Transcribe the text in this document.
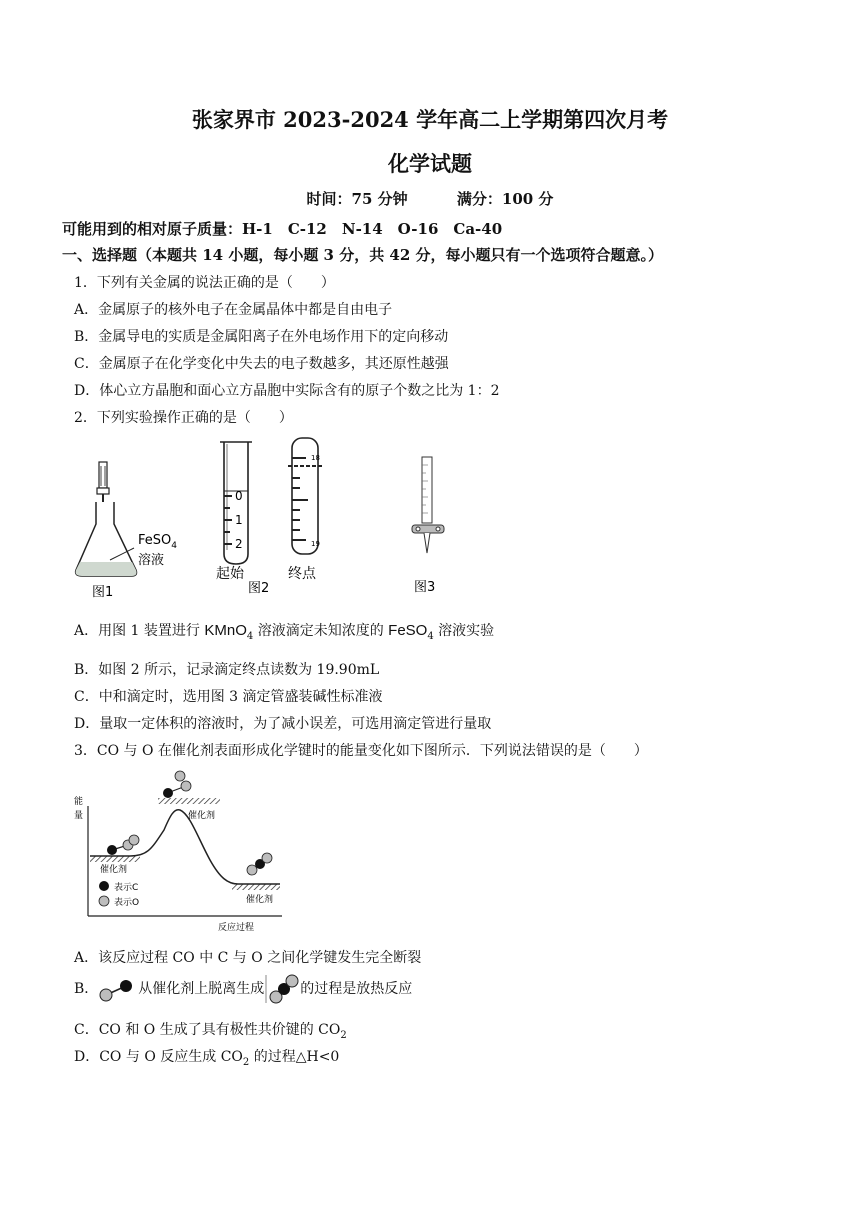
张家界市 2023-2024 学年高二上学期第四次月考
化学试题
时间：75 分钟	满分：100 分
可能用到的相对原子质量：H-1　C-12　N-14　O-16　Ca-40
一、选择题（本题共 14 小题，每小题 3 分，共 42 分，每小题只有一个选项符合题意。）
1．下列有关金属的说法正确的是（　　）
A．金属原子的核外电子在金属晶体中都是自由电子
B．金属导电的实质是金属阳离子在外电场作用下的定向移动
C．金属原子在化学变化中失去的电子数越多，其还原性越强
D．体心立方晶胞和面心立方晶胞中实际含有的原子个数之比为 1：2
2．下列实验操作正确的是（　　）
FeSO$_4$
溶液
图1
0
1
2
18
19
起始
图2
终点
图3
A．用图 1 装置进行 KMnO$_4$ 溶液滴定未知浓度的 FeSO$_4$ 溶液实验
B．如图 2 所示，记录滴定终点读数为 19.90mL
C．中和滴定时，选用图 3 滴定管盛装碱性标准液
D．量取一定体积的溶液时，为了减小误差，可选用滴定管进行量取
3．CO 与 O 在催化剂表面形成化学键时的能量变化如下图所示．下列说法错误的是（　　）
能
量
反应过程
催化剂
催化剂
催化剂
表示C
表示O
A．该反应过程 CO 中 C 与 O 之间化学键发生完全断裂
B．	从催化剂上脱离生成	的过程是放热反应
C．CO 和 O 生成了具有极性共价键的 $CO_2$
D．CO 与 O 反应生成 $CO_2$ 的过程△H<0
